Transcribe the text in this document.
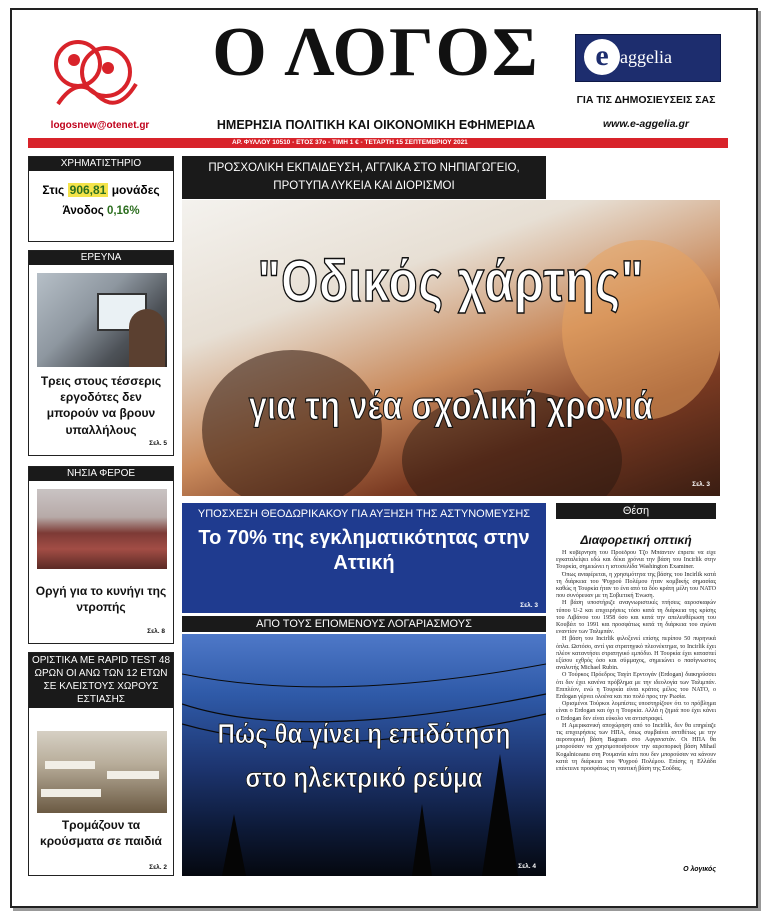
logosnew@otenet.gr
Ο ΛΟΓΟΣ
ΗΜΕΡΗΣΙΑ ΠΟΛΙΤΙΚΗ ΚΑΙ ΟΙΚΟΝΟΜΙΚΗ ΕΦΗΜΕΡΙΔΑ
e aggelia
ΓΙΑ ΤΙΣ ΔΗΜΟΣΙΕΥΣΕΙΣ ΣΑΣ
www.e-aggelia.gr
ΑΡ. ΦΥΛΛΟΥ 10510 - ΕΤΟΣ 37ο - ΤΙΜΗ 1 € - ΤΕΤΑΡΤΗ 15 ΣΕΠΤΕΜΒΡΙΟΥ 2021
ΧΡΗΜΑΤΙΣΤΗΡΙΟ
Στις 906,81 μονάδες
Άνοδος 0,16%
ΕΡΕΥΝΑ
Τρεις στους τέσσερις εργοδότες δεν μπορούν να βρουν υπαλλήλους
Σελ. 5
ΝΗΣΙΑ ΦΕΡΟΕ
Οργή για το κυνήγι της ντροπής
Σελ. 8
ΟΡΙΣΤΙΚΑ ΜΕ RAPID TEST 48 ΩΡΩΝ ΟΙ ΑΝΩ ΤΩΝ 12 ΕΤΩΝ ΣΕ ΚΛΕΙΣΤΟΥΣ ΧΩΡΟΥΣ ΕΣΤΙΑΣΗΣ
Τρομάζουν τα κρούσματα σε παιδιά
Σελ. 2
ΠΡΟΣΧΟΛΙΚΗ ΕΚΠΑΙΔΕΥΣΗ, ΑΓΓΛΙΚΑ ΣΤΟ ΝΗΠΙΑΓΩΓΕΙΟ, ΠΡΟΤΥΠΑ ΛΥΚΕΙΑ ΚΑΙ ΔΙΟΡΙΣΜΟΙ
"Οδικός χάρτης"
για τη νέα σχολική χρονιά
Σελ. 3
ΥΠΟΣΧΕΣΗ ΘΕΟΔΩΡΙΚΑΚΟΥ ΓΙΑ ΑΥΞΗΣΗ ΤΗΣ ΑΣΤΥΝΟΜΕΥΣΗΣ
Το 70% της εγκληματικότητας στην Αττική
Σελ. 3
ΑΠΟ ΤΟΥΣ ΕΠΟΜΕΝΟΥΣ ΛΟΓΑΡΙΑΣΜΟΥΣ
Πώς θα γίνει η επιδότηση στο ηλεκτρικό ρεύμα
Σελ. 4
Θέση
Διαφορετική οπτική

Η κυβέρνηση του Προέδρου Τζο Μπάιντεν έπρεπε να είχε εγκαταλείψει εδώ και δέκα χρόνια την βάση του Incirlik στην Τουρκία, σημειώνει η ιστοσελίδα Washington Examiner.

Όπως αναφέρεται, η χρησιμότητα της βάσης του Incirlik κατά τη διάρκεια του Ψυχρού Πολέμου ήταν κομβικής σημασίας καθώς η Τουρκία ήταν το ένα από τα δύο κράτη μέλη του ΝΑΤΟ που συνόρευαν με τη Σοβιετική Ένωση.

Η βάση υποστήριζε αναγνωριστικές πτήσεις αεροσκαφών τύπου U-2 και επιχειρήσεις τόσο κατά τη διάρκεια της κρίσης του Λιβάνου του 1958 όσο και κατά την απελευθέρωση του Κουβέιτ το 1991 και προσφάτως κατά τη διάρκεια του αγώνα εναντίον των Ταλιμπάν.

Η βάση του Incirlik φιλοξενεί επίσης περίπου 50 πυρηνικά όπλα. Ωστόσο, αντί για στρατηγικό πλεονέκτημα, το Incirlik έχει πλέον καταντήσει στρατηγικό εμπόδιο. Η Τουρκία έχει κατασπεί εξίσου εχθρός όσο και σύμμαχος, σημειώνει ο πασίγνωστος αναλυτής Michael Rubin.

Ο Τούρκος Πρόεδρος Ταγίπ Ερντογάν (Erdogan) διακηρύσσει ότι δεν έχει κανένα πρόβλημα με την ιδεολογία των Ταλιμπάν. Επιπλέον, ενώ η Τουρκία είναι κράτος μέλος του ΝΑΤΟ, ο Erdogan γέρνει ολοένα και πιο πολύ προς την Ρωσία.

Ορισμένοι Τούρκοι λομπίστες υποστηρίζουν ότι το πρόβλημα είναι ο Erdogan και όχι η Τουρκία. Αλλά η ζημιά που έχει κάνει ο Erdogan δεν είναι εύκολο να αντιστραφεί.

Η Αμερικανική αποχώρηση από το Incirlik, δεν θα επηρέαζε τις επιχειρήσεις των ΗΠΑ, όπως συμβαίνει αντιθέτως με την αεροπορική βάση Bagram στο Αφγανιστάν. Οι ΗΠΑ θα μπορούσαν να χρησιμοποιήσουν την αεροπορική βάση Mihail Kogalniceanu στη Ρουμανία κάτι που δεν μπορούσαν να κάνουν κατά τη διάρκεια του Ψυχρού Πολέμου. Επίσης η Ελλάδα επέκτεινε προσφάτως τη ναυτική βάση της Σούδας.

Ο λογικός
